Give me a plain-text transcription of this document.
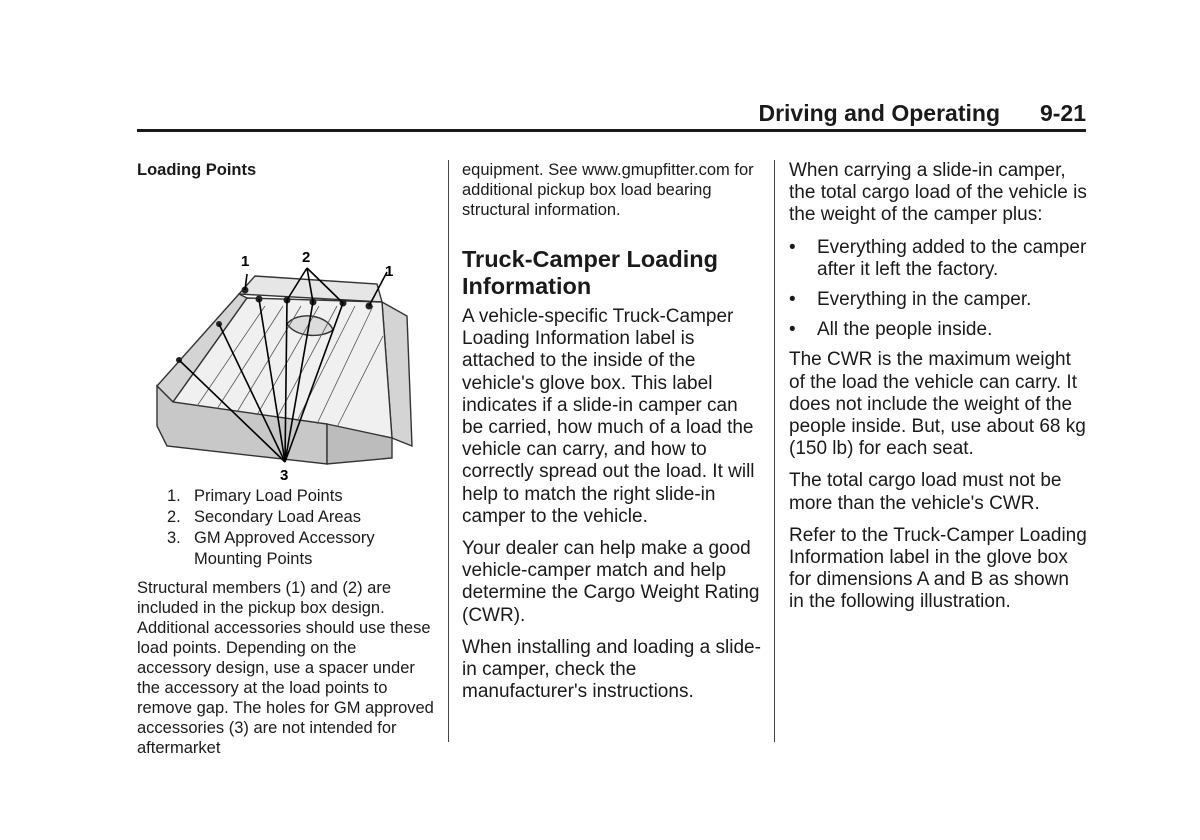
Driving and Operating	9-21

Loading Points

1	2
1
3
1. Primary Load Points
2. Secondary Load Areas
3. GM Approved Accessory Mounting Points

Structural members (1) and (2) are included in the pickup box design. Additional accessories should use these load points. Depending on the accessory design, use a spacer under the accessory at the load points to remove gap. The holes for GM approved accessories (3) are not intended for aftermarket

equipment. See www.gmupfitter.com for additional pickup box load bearing structural information.

Truck-Camper Loading Information

A vehicle-specific Truck-Camper Loading Information label is attached to the inside of the vehicle's glove box. This label indicates if a slide-in camper can be carried, how much of a load the vehicle can carry, and how to correctly spread out the load. It will help to match the right slide-in camper to the vehicle.

Your dealer can help make a good vehicle-camper match and help determine the Cargo Weight Rating (CWR).

When installing and loading a slide-in camper, check the manufacturer's instructions.

When carrying a slide-in camper, the total cargo load of the vehicle is the weight of the camper plus:

• Everything added to the camper after it left the factory.
• Everything in the camper.
• All the people inside.

The CWR is the maximum weight of the load the vehicle can carry. It does not include the weight of the people inside. But, use about 68 kg (150 lb) for each seat.

The total cargo load must not be more than the vehicle's CWR.

Refer to the Truck-Camper Loading Information label in the glove box for dimensions A and B as shown in the following illustration.
